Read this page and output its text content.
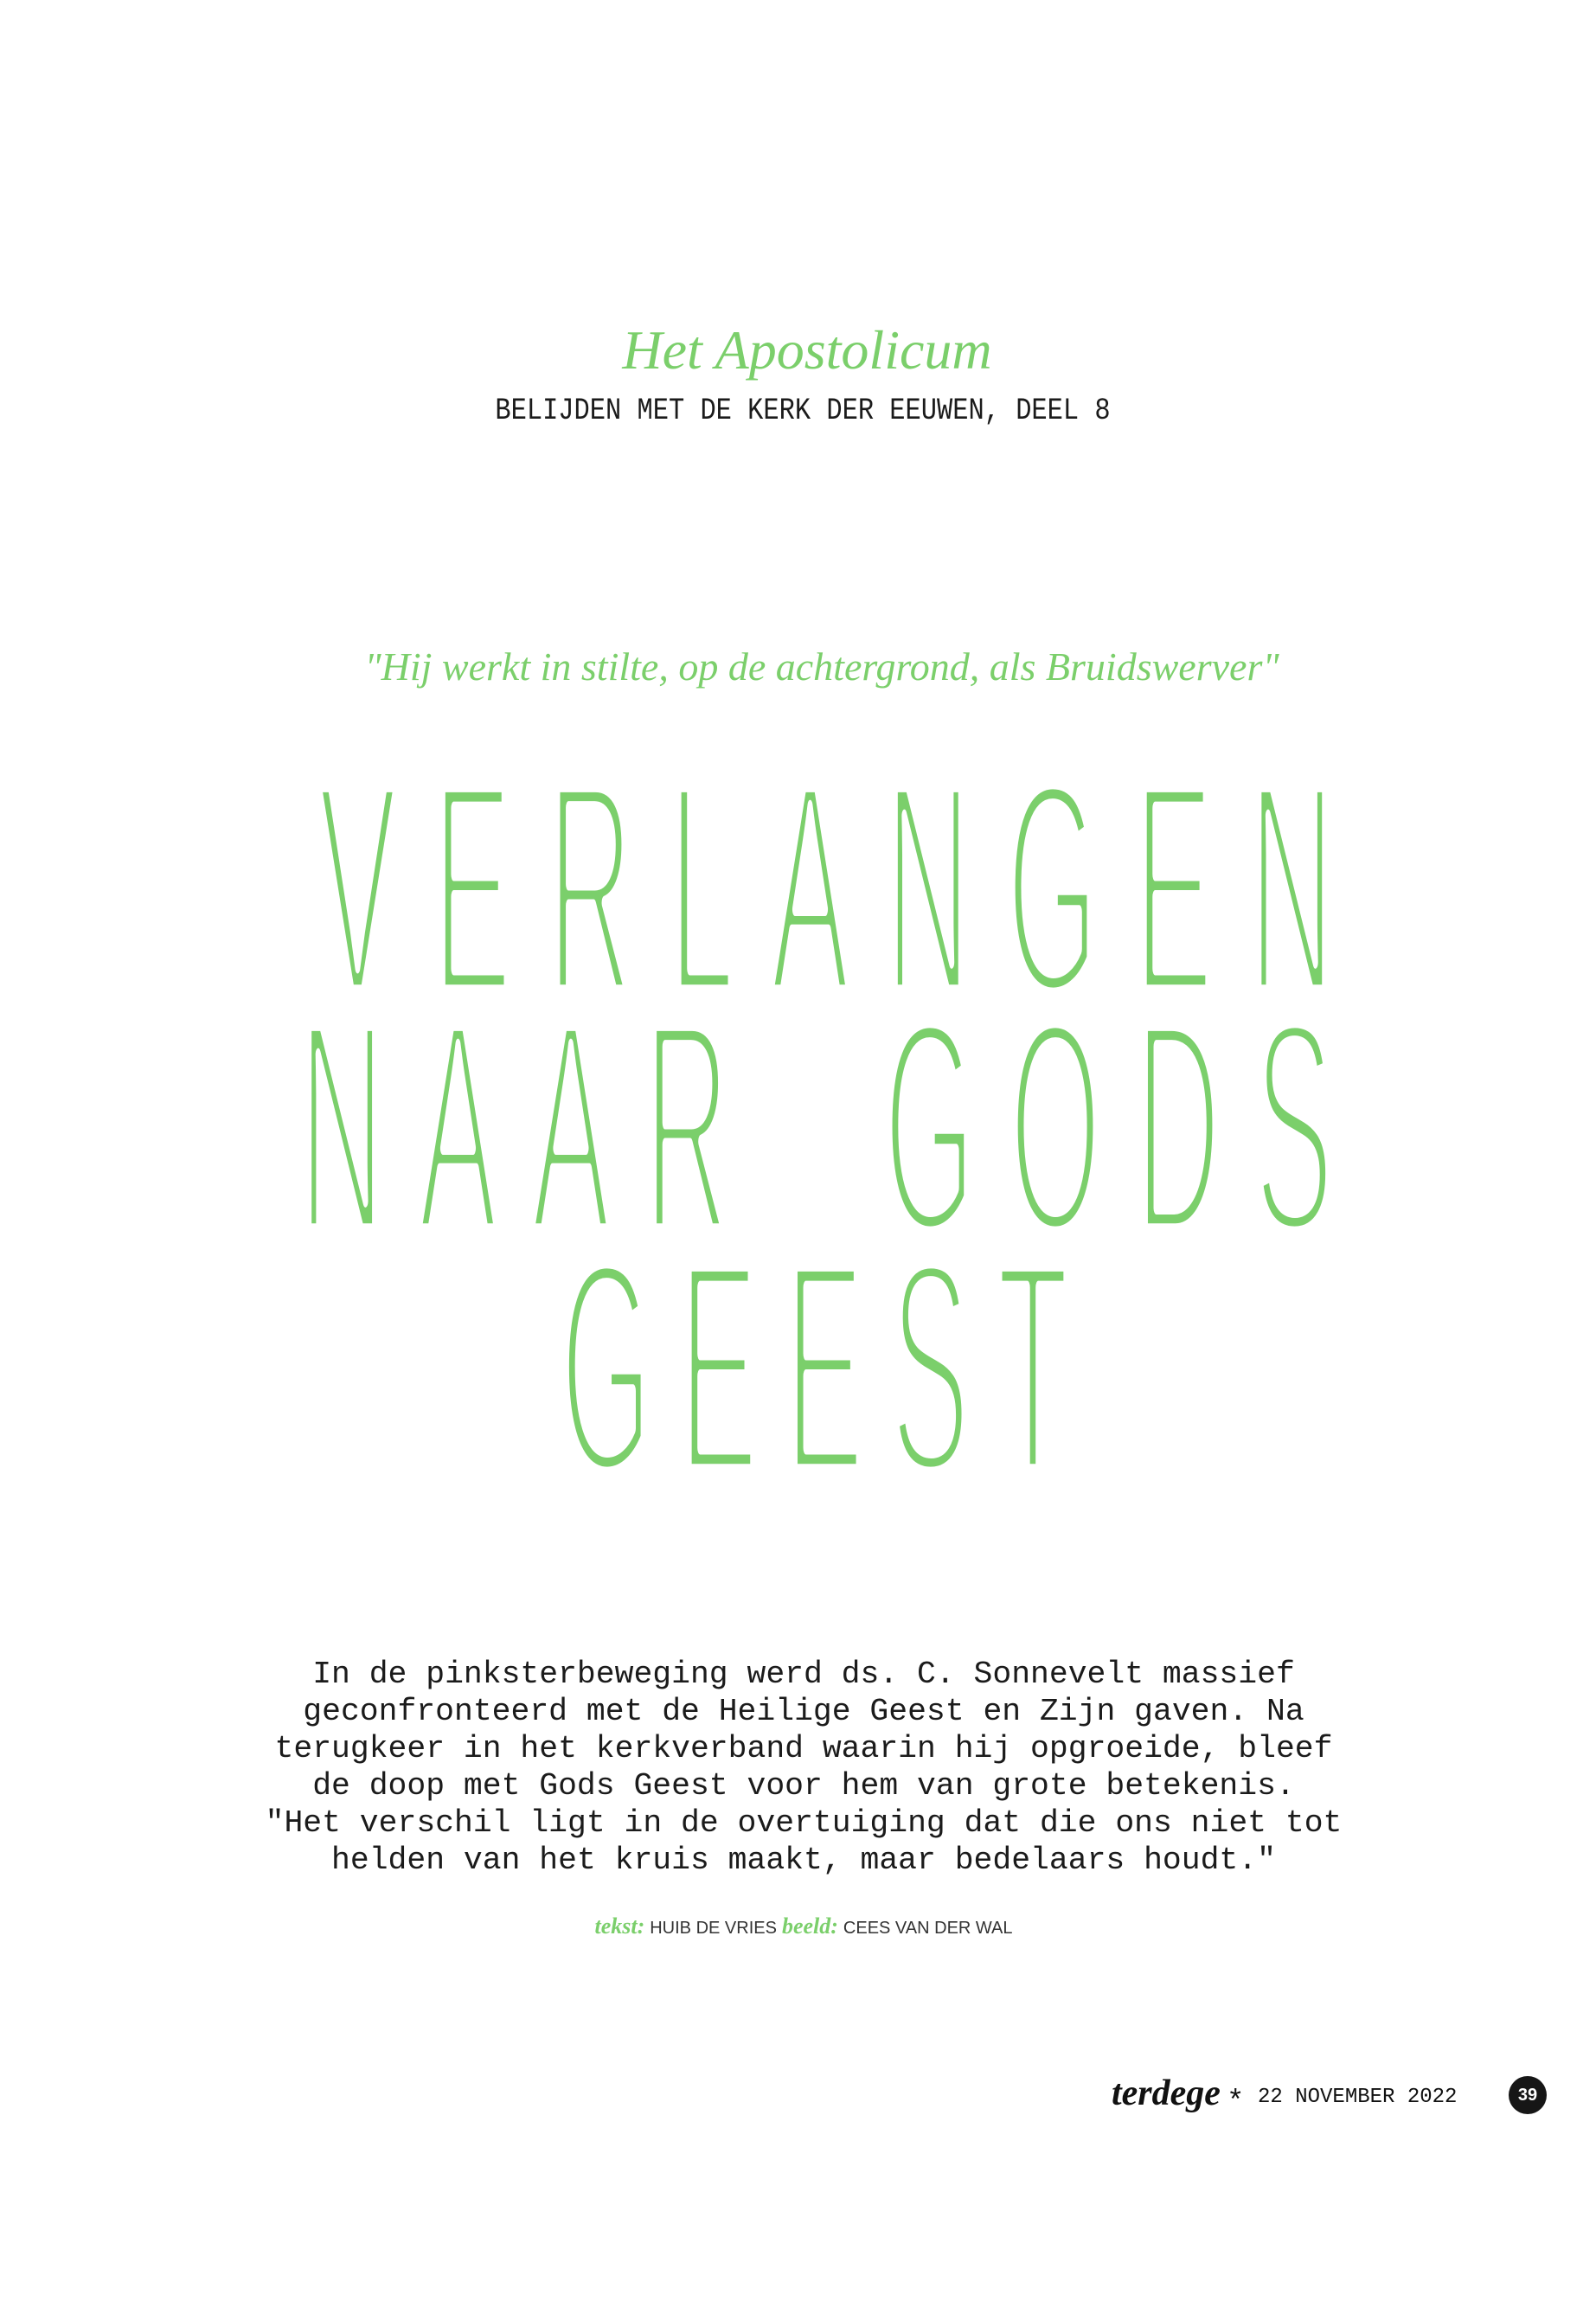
Het Apostolicum
BELIJDEN MET DE KERK DER EEUWEN, DEEL 8
"Hij werkt in stilte, op de achtergrond, als Bruidswerver"
VERLANGEN
NAAR GODS
GEEST
In de pinksterbeweging werd ds. C. Sonnevelt massief
geconfronteerd met de Heilige Geest en Zijn gaven. Na
terugkeer in het kerkverband waarin hij opgroeide, bleef
de doop met Gods Geest voor hem van grote betekenis.
"Het verschil ligt in de overtuiging dat die ons niet tot
helden van het kruis maakt, maar bedelaars houdt."
tekst: HUIB DE VRIES beeld: CEES VAN DER WAL
terdege * 22 NOVEMBER 2022	39
